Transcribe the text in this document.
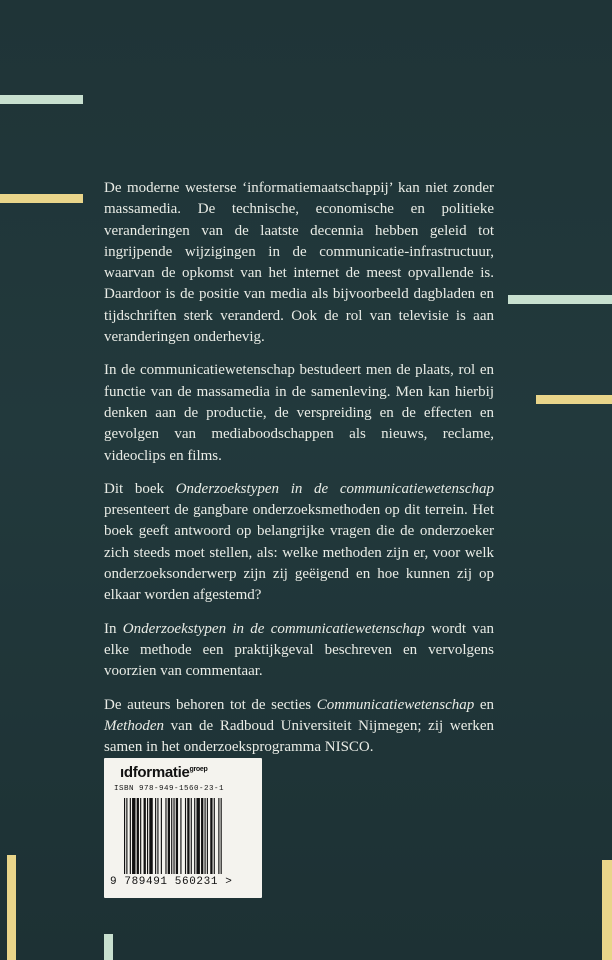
De moderne westerse ‘informatiemaatschappij’ kan niet zonder massamedia. De technische, economische en politieke veranderingen van de laatste decennia hebben geleid tot ingrijpende wijzigingen in de communicatie-infrastructuur, waarvan de opkomst van het internet de meest opvallende is. Daardoor is de positie van media als bijvoorbeeld dagbladen en tijdschriften sterk veranderd. Ook de rol van televisie is aan veranderingen onderhevig.

In de communicatiewetenschap bestudeert men de plaats, rol en functie van de massamedia in de samenleving. Men kan hierbij denken aan de productie, de verspreiding en de effecten en gevolgen van mediaboodschappen als nieuws, reclame, videoclips en films.

Dit boek Onderzoekstypen in de communicatiewetenschap presenteert de gangbare onderzoeksmethoden op dit terrein. Het boek geeft antwoord op belangrijke vragen die de onderzoeker zich steeds moet stellen, als: welke methoden zijn er, voor welk onderzoeksonderwerp zijn zij geëigend en hoe kunnen zij op elkaar worden afgestemd?

In Onderzoekstypen in de communicatiewetenschap wordt van elke methode een praktijkgeval beschreven en vervolgens voorzien van commentaar.

De auteurs behoren tot de secties Communicatiewetenschap en Methoden van de Radboud Universiteit Nijmegen; zij werken samen in het onderzoeksprogramma NISCO.

ıdformatie$^{groep}$
ISBN 978-949-1560-23-1
9 789491 560231 >
